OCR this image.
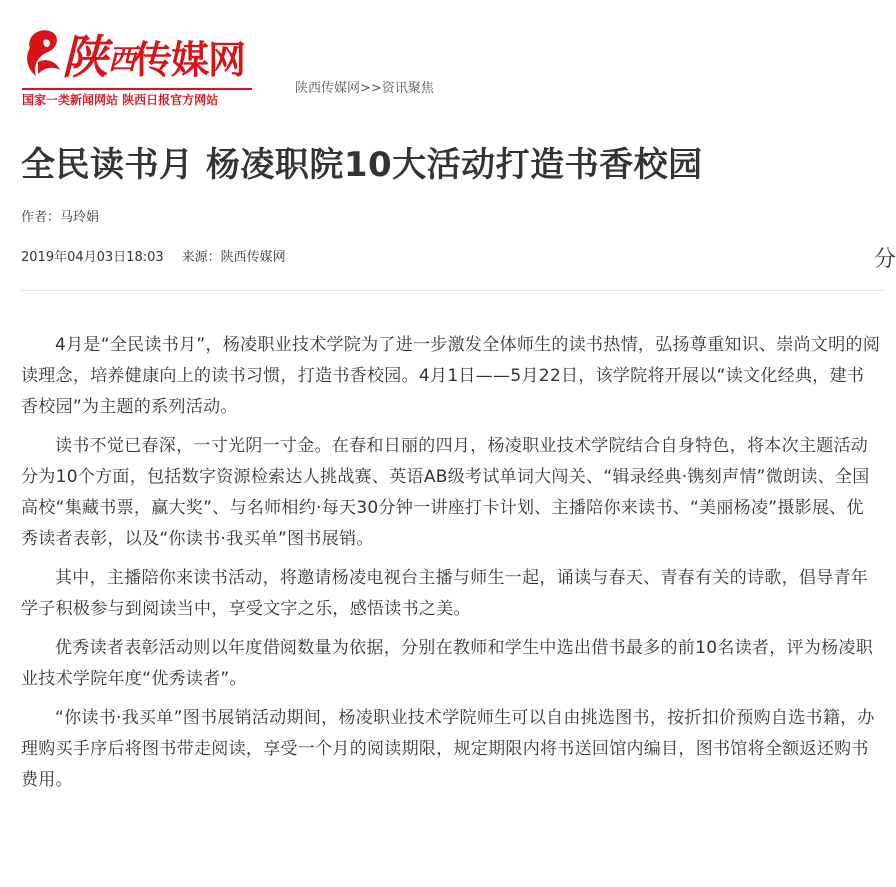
陕 西
传媒网
国家一类新闻网站 陕西日报官方网站
陕西传媒网>>资讯聚焦
全民读书月 杨凌职院10大活动打造书香校园
作者：马玲娟
2019年04月03日18:03 来源：陕西传媒网	分

4月是“全民读书月”，杨凌职业技术学院为了进一步激发全体师生的读书热情，弘扬尊重知识、崇尚文明的阅读理念，培养健康向上的读书习惯，打造书香校园。4月1日——5月22日，该学院将开展以“读文化经典，建书香校园”为主题的系列活动。

读书不觉已春深，一寸光阴一寸金。在春和日丽的四月，杨凌职业技术学院结合自身特色，将本次主题活动分为10个方面，包括数字资源检索达人挑战赛、英语AB级考试单词大闯关、“辑录经典·镌刻声情”微朗读、全国高校“集藏书票，赢大奖”、与名师相约·每天30分钟一讲座打卡计划、主播陪你来读书、“美丽杨凌”摄影展、优秀读者表彰，以及“你读书·我买单”图书展销。

其中，主播陪你来读书活动，将邀请杨凌电视台主播与师生一起，诵读与春天、青春有关的诗歌，倡导青年学子积极参与到阅读当中，享受文字之乐，感悟读书之美。

优秀读者表彰活动则以年度借阅数量为依据，分别在教师和学生中选出借书最多的前10名读者，评为杨凌职业技术学院年度“优秀读者”。

“你读书·我买单”图书展销活动期间，杨凌职业技术学院师生可以自由挑选图书，按折扣价预购自选书籍，办理购买手序后将图书带走阅读，享受一个月的阅读期限，规定期限内将书送回馆内编目，图书馆将全额返还购书费用。
